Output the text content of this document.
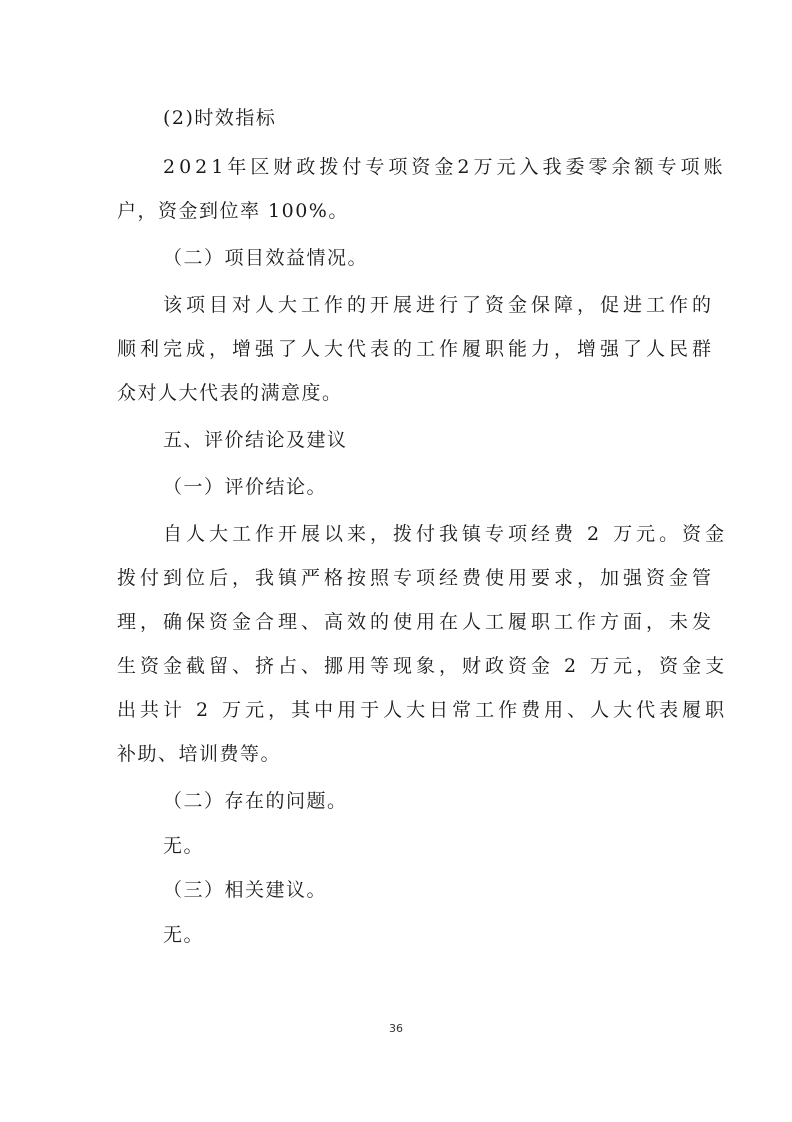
(2)时效指标
2021年区财政拨付专项资金2万元入我委零余额专项账
户，资金到位率 100%。
（二）项目效益情况。
该项目对人大工作的开展进行了资金保障，促进工作的
顺利完成，增强了人大代表的工作履职能力，增强了人民群
众对人大代表的满意度。
五、评价结论及建议
（一）评价结论。
自人大工作开展以来，拨付我镇专项经费 2 万元。资金
拨付到位后，我镇严格按照专项经费使用要求，加强资金管
理，确保资金合理、高效的使用在人工履职工作方面，未发
生资金截留、挤占、挪用等现象，财政资金 2 万元，资金支
出共计 2 万元，其中用于人大日常工作费用、人大代表履职
补助、培训费等。
（二）存在的问题。
无。
（三）相关建议。
无。
36
